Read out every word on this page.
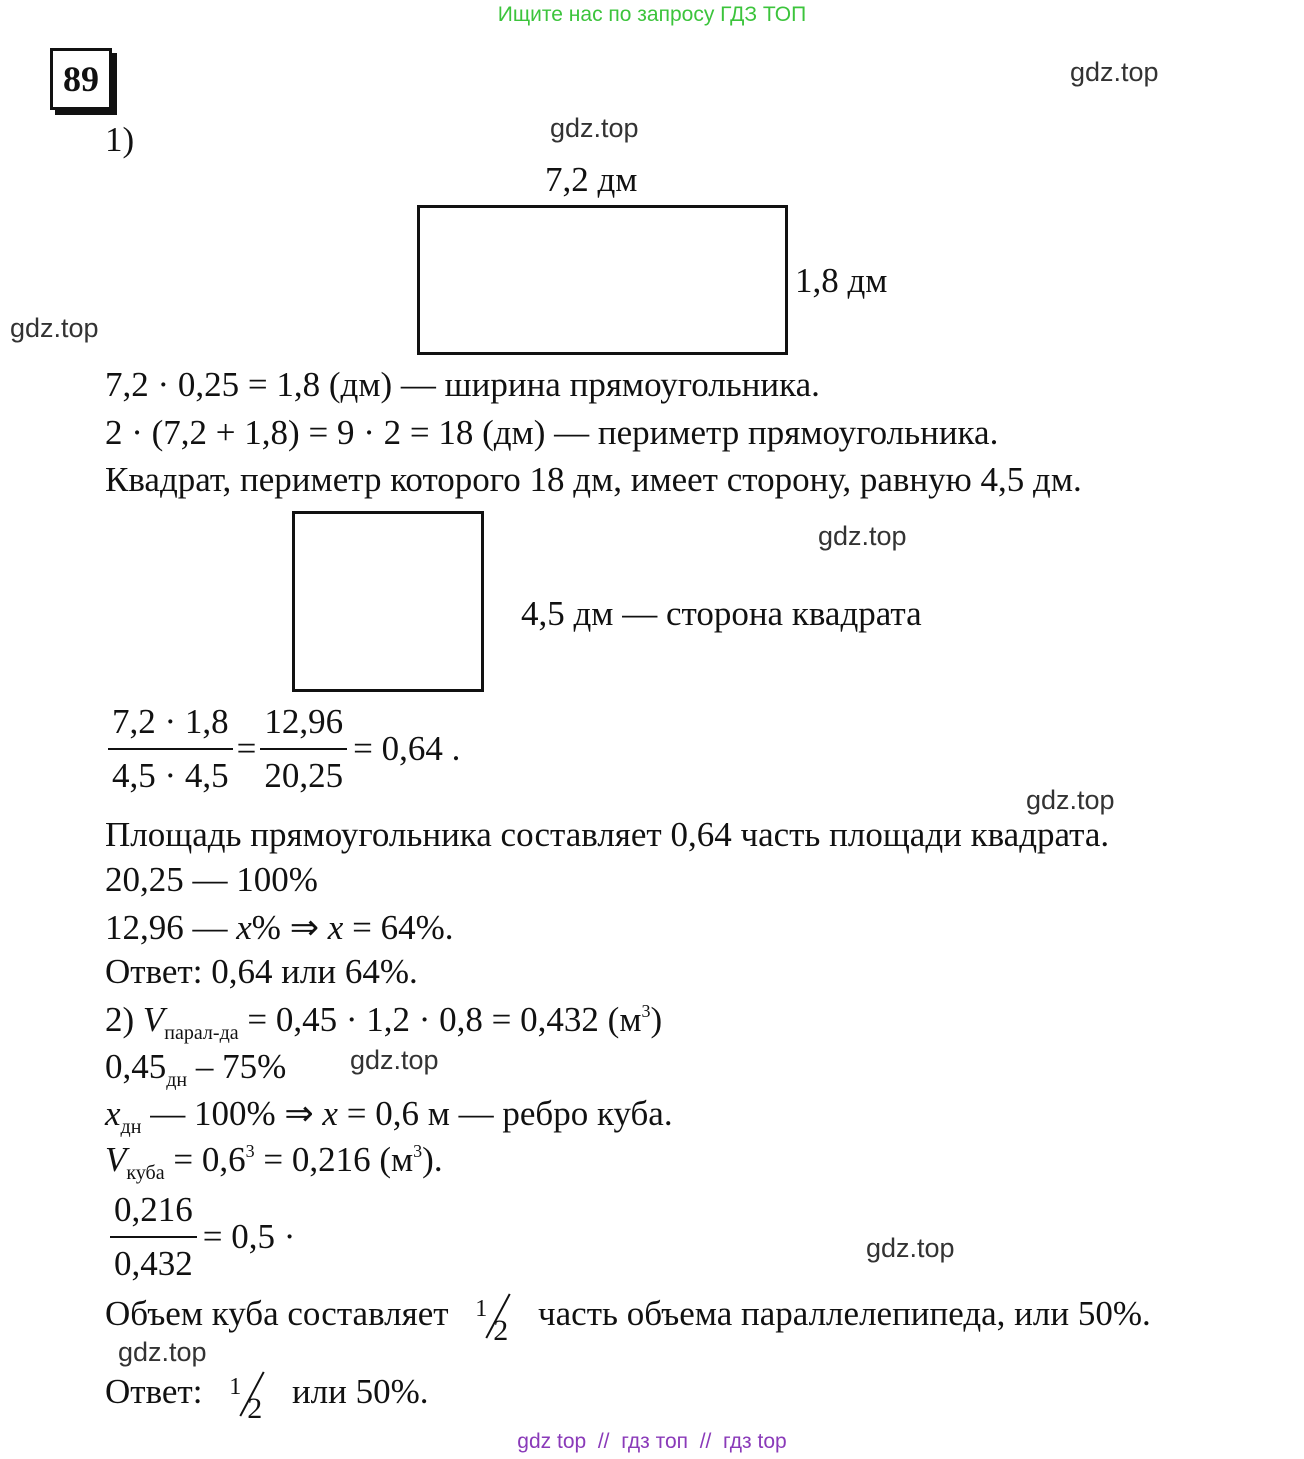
Ищите нас по запросу ГДЗ ТОП
89	gdz.top
gdz.top
gdz.top
gdz.top
gdz.top
gdz.top
gdz.top
gdz.top
1)
7,2 дм
1,8 дм
7,2 · 0,25 = 1,8 (дм) — ширина прямоугольника.
2 · (7,2 + 1,8) = 9 · 2 = 18 (дм) — периметр прямоугольника.
Квадрат, периметр которого 18 дм, имеет сторону, равную 4,5 дм.
4,5 дм — сторона квадрата
$\frac{7,2 \cdot 1,8}{4,5 \cdot 4,5} = \frac{12,96}{20,25} = 0,64$ .
Площадь прямоугольника составляет 0,64 часть площади квадрата.
20,25 — 100%
12,96 — x% ⇒ x = 64%.
Ответ: 0,64 или 64%.
2) $V_{парал-да} = 0,45 \cdot 1,2 \cdot 0,8 = 0,432$ $(м^3)$
$0,45_{дн} - 75\%$
$x_{дн}$ — 100% ⇒ x = 0,6 м — ребро куба.
$V_{куба} = 0,6^3 = 0,216$ $(м^3)$.
$\frac{0,216}{0,432} = 0,5$ ·
Объем куба составляет 1
2 часть объема параллелепипеда, или 50%.
Ответ: 1
2 или 50%.
gdz top  //  гдз топ  //  гдз top
